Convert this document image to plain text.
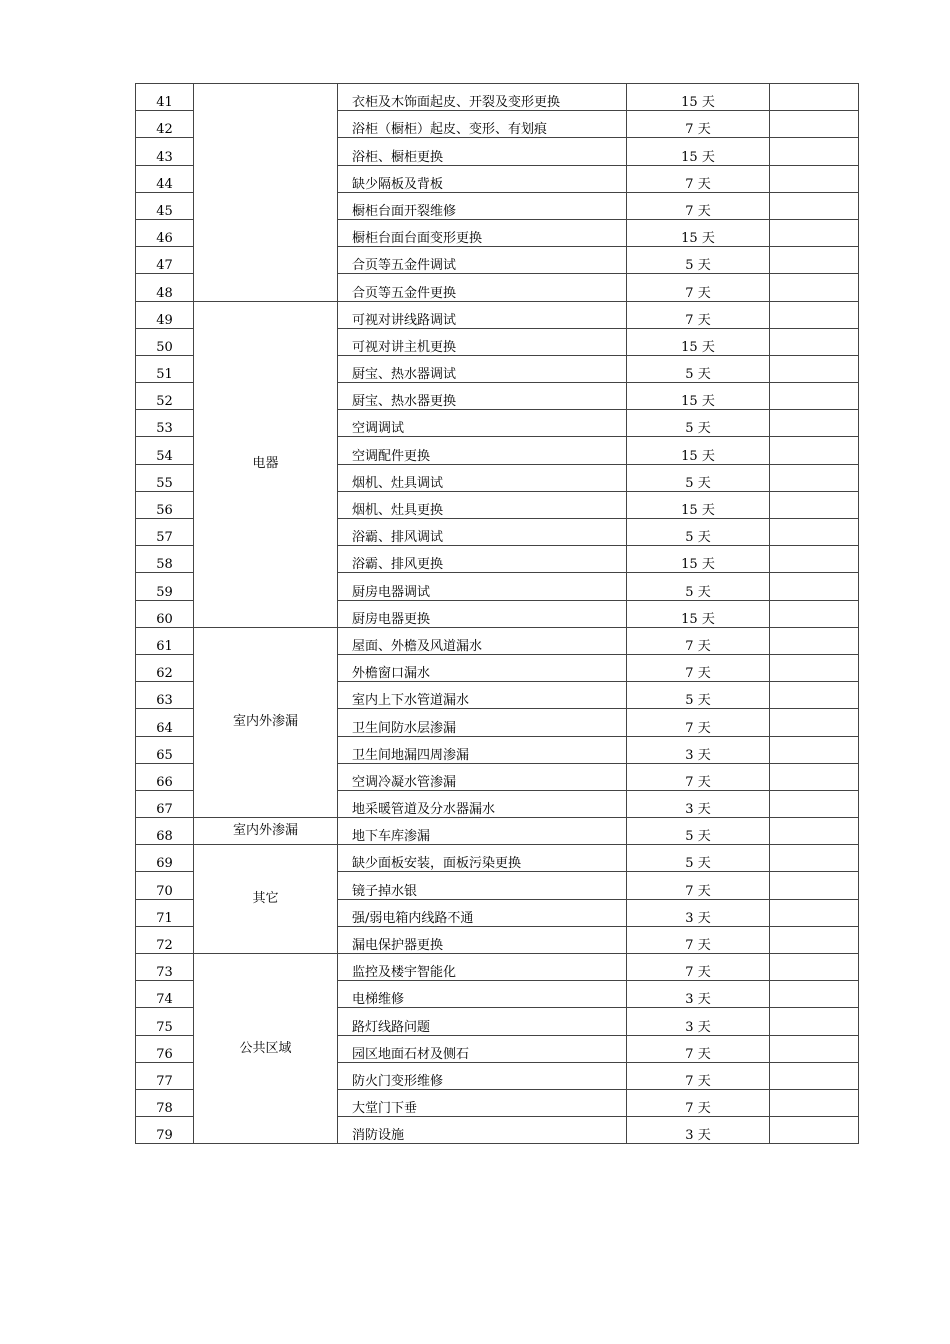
41		衣柜及木饰面起皮、开裂及变形更换	15 天	
42		浴柜（橱柜）起皮、变形、有划痕	7 天	
43		浴柜、橱柜更换	15 天	
44		缺少隔板及背板	7 天	
45		橱柜台面开裂维修	7 天	
46		橱柜台面台面变形更换	15 天	
47		合页等五金件调试	5 天	
48		合页等五金件更换	7 天	
49	电器	可视对讲线路调试	7 天	
50		可视对讲主机更换	15 天	
51		厨宝、热水器调试	5 天	
52		厨宝、热水器更换	15 天	
53		空调调试	5 天	
54		空调配件更换	15 天	
55		烟机、灶具调试	5 天	
56		烟机、灶具更换	15 天	
57		浴霸、排风调试	5 天	
58		浴霸、排风更换	15 天	
59		厨房电器调试	5 天	
60		厨房电器更换	15 天	
61	室内外渗漏	屋面、外檐及风道漏水	7 天	
62		外檐窗口漏水	7 天	
63		室内上下水管道漏水	5 天	
64		卫生间防水层渗漏	7 天	
65		卫生间地漏四周渗漏	3 天	
66		空调冷凝水管渗漏	7 天	
67		地采暖管道及分水器漏水	3 天	
68	室内外渗漏	地下车库渗漏	5 天	
69	其它	缺少面板安装，面板污染更换	5 天	
70		镜子掉水银	7 天	
71		强/弱电箱内线路不通	3 天	
72		漏电保护器更换	7 天	
73	公共区域	监控及楼宇智能化	7 天	
74		电梯维修	3 天	
75		路灯线路问题	3 天	
76		园区地面石材及侧石	7 天	
77		防火门变形维修	7 天	
78		大堂门下垂	7 天	
79		消防设施	3 天	
